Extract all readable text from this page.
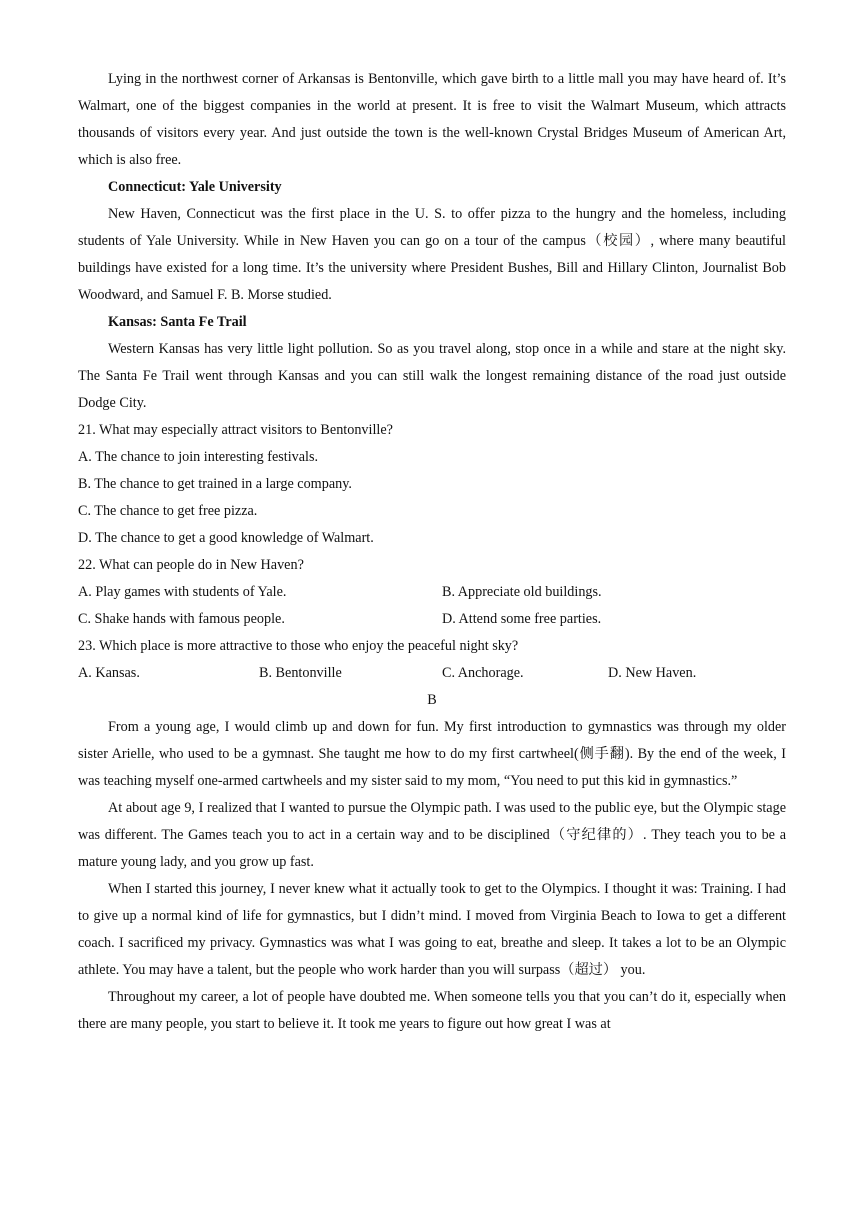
Lying in the northwest corner of Arkansas is Bentonville, which gave birth to a little mall you may have heard of. It’s Walmart, one of the biggest companies in the world at present. It is free to visit the Walmart Museum, which attracts thousands of visitors every year. And just outside the town is the well-known Crystal Bridges Museum of American Art, which is also free.

Connecticut: Yale University

New Haven, Connecticut was the first place in the U. S. to offer pizza to the hungry and the homeless, including students of Yale University. While in New Haven you can go on a tour of the campus（校园）, where many beautiful buildings have existed for a long time. It’s the university where President Bushes, Bill and Hillary Clinton, Journalist Bob Woodward, and Samuel F. B. Morse studied.

Kansas: Santa Fe Trail

Western Kansas has very little light pollution. So as you travel along, stop once in a while and stare at the night sky. The Santa Fe Trail went through Kansas and you can still walk the longest remaining distance of the road just outside Dodge City.

21. What may especially attract visitors to Bentonville?

A. The chance to join interesting festivals.

B. The chance to get trained in a large company.

C. The chance to get free pizza.

D. The chance to get a good knowledge of Walmart.

22. What can people do in New Haven?

A. Play games with students of Yale.	B. Appreciate old buildings.
C. Shake hands with famous people.	D. Attend some free parties.

23. Which place is more attractive to those who enjoy the peaceful night sky?

A. Kansas.	B. Bentonville	C. Anchorage.	D. New Haven.

B

From a young age, I would climb up and down for fun. My first introduction to gymnastics was through my older sister Arielle, who used to be a gymnast. She taught me how to do my first cartwheel(侧手翻). By the end of the week, I was teaching myself one-armed cartwheels and my sister said to my mom, “You need to put this kid in gymnastics.”

At about age 9, I realized that I wanted to pursue the Olympic path. I was used to the public eye, but the Olympic stage was different. The Games teach you to act in a certain way and to be disciplined（守纪律的）. They teach you to be a mature young lady, and you grow up fast.

When I started this journey, I never knew what it actually took to get to the Olympics. I thought it was: Training. I had to give up a normal kind of life for gymnastics, but I didn’t mind. I moved from Virginia Beach to Iowa to get a different coach. I sacrificed my privacy. Gymnastics was what I was going to eat, breathe and sleep. It takes a lot to be an Olympic athlete. You may have a talent, but the people who work harder than you will surpass（超过） you.

Throughout my career, a lot of people have doubted me. When someone tells you that you can’t do it, especially when there are many people, you start to believe it. It took me years to figure out how great I was at
